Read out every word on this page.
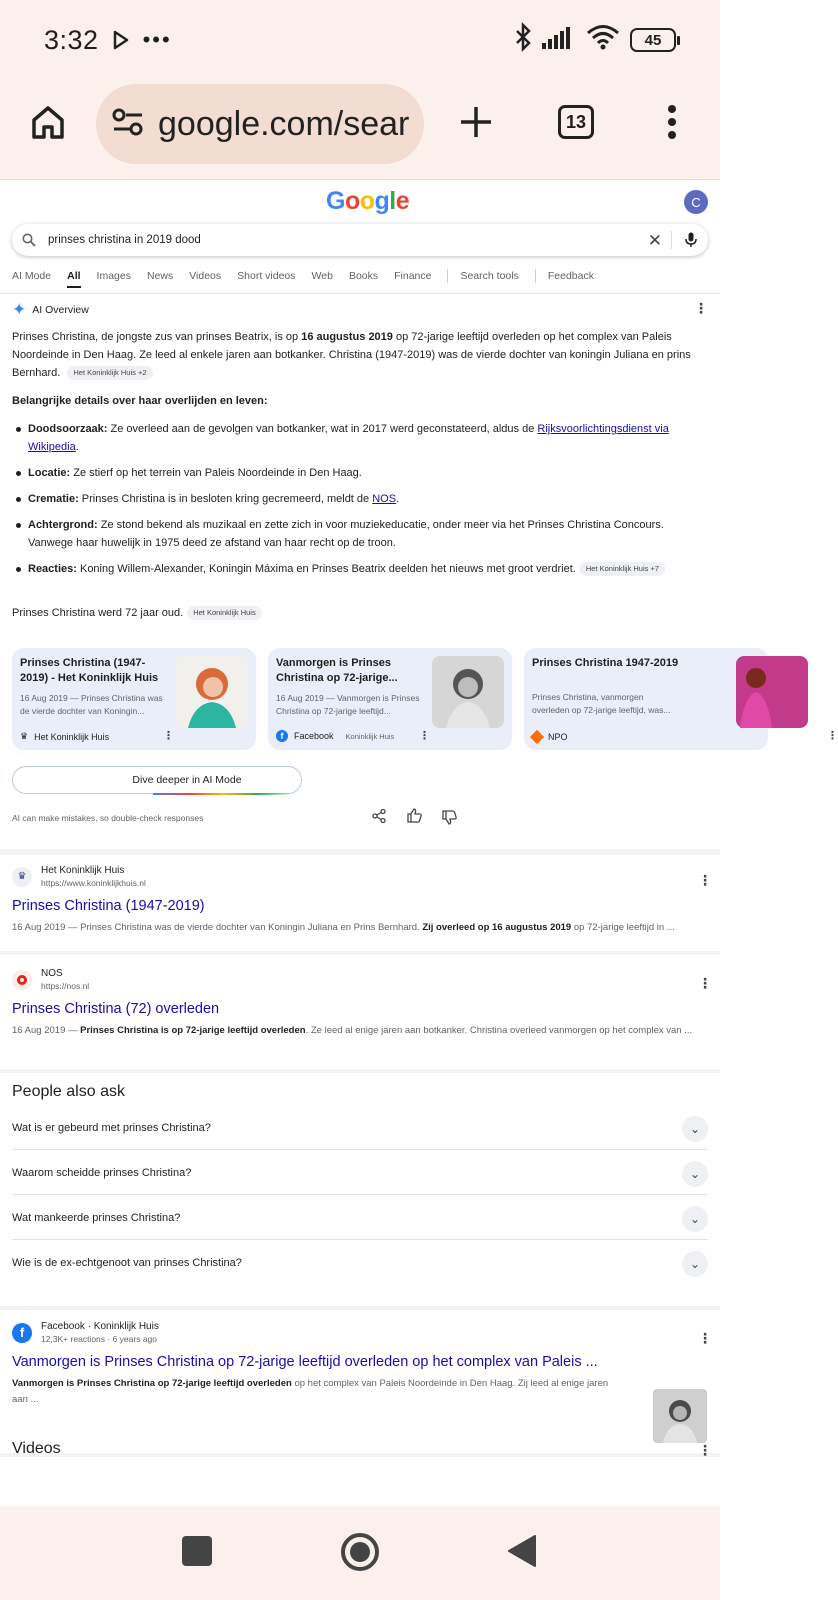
3:32 •••	45
google.com/sear	13
Google	C
prinses christina in 2019 dood	✕
AI Mode All Images News Videos Short videos Web Books Finance	Search tools	Feedback
✦ AI Overview	⋮
Prinses Christina, de jongste zus van prinses Beatrix, is op 16 augustus 2019 op 72-jarige leeftijd overleden op het complex van Paleis Noordeinde in Den Haag. Ze leed al enkele jaren aan botkanker. Christina (1947-2019) was de vierde dochter van koningin Juliana en prins Bernhard. Het Koninklijk Huis +2
Belangrijke details over haar overlijden en leven:
Doodsoorzaak: Ze overleed aan de gevolgen van botkanker, wat in 2017 werd geconstateerd, aldus de Rijksvoorlichtingsdienst via Wikipedia.
Locatie: Ze stierf op het terrein van Paleis Noordeinde in Den Haag.
Crematie: Prinses Christina is in besloten kring gecremeerd, meldt de NOS.
Achtergrond: Ze stond bekend als muzikaal en zette zich in voor muziekeducatie, onder meer via het Prinses Christina Concours. Vanwege haar huwelijk in 1975 deed ze afstand van haar recht op de troon.
Reacties: Koning Willem-Alexander, Koningin Máxima en Prinses Beatrix deelden het nieuws met groot verdriet. Het Koninklijk Huis +7
Prinses Christina werd 72 jaar oud. Het Koninklijk Huis
Prinses Christina (1947-2019) - Het Koninklijk Huis
16 Aug 2019 — Prinses Christina was de vierde dochter van Koningin...
♛ Het Koninklijk Huis	⋮
Vanmorgen is Prinses Christina op 72-jarige...
16 Aug 2019 — Vanmorgen is Prinses Christina op 72-jarige leeftijd...
f	Facebook Koninklijk Huis ⋮
Prinses Christina 1947-2019
Prinses Christina, vanmorgen overleden op 72-jarige leeftijd, was...
NPO	⋮
Dive deeper in AI Mode
AI can make mistakes, so double-check responses
♛
Het Koninklijk Huis
https://www.koninklijkhuis.nl
Prinses Christina (1947-2019)
16 Aug 2019 — Prinses Christina was de vierde dochter van Koningin Juliana en Prins Bernhard. Zij overleed op 16 augustus 2019 op 72-jarige leeftijd in ...
⋮
NOS
https://nos.nl
Prinses Christina (72) overleden
16 Aug 2019 — Prinses Christina is op 72-jarige leeftijd overleden. Ze leed al enige jaren aan botkanker. Christina overleed vanmorgen op het complex van ...
⋮
People also ask
Wat is er gebeurd met prinses Christina?	⌄
Waarom scheidde prinses Christina?	⌄
Wat mankeerde prinses Christina?	⌄
Wie is de ex-echtgenoot van prinses Christina?	⌄
f	Facebook · Koninklijk Huis
12,3K+ reactions · 6 years ago
Vanmorgen is Prinses Christina op 72-jarige leeftijd overleden op het complex van Paleis ...
Vanmorgen is Prinses Christina op 72-jarige leeftijd overleden op het complex van Paleis Noordeinde in Den Haag. Zij leed al enige jaren aan ...
⋮
Videos	⋮
